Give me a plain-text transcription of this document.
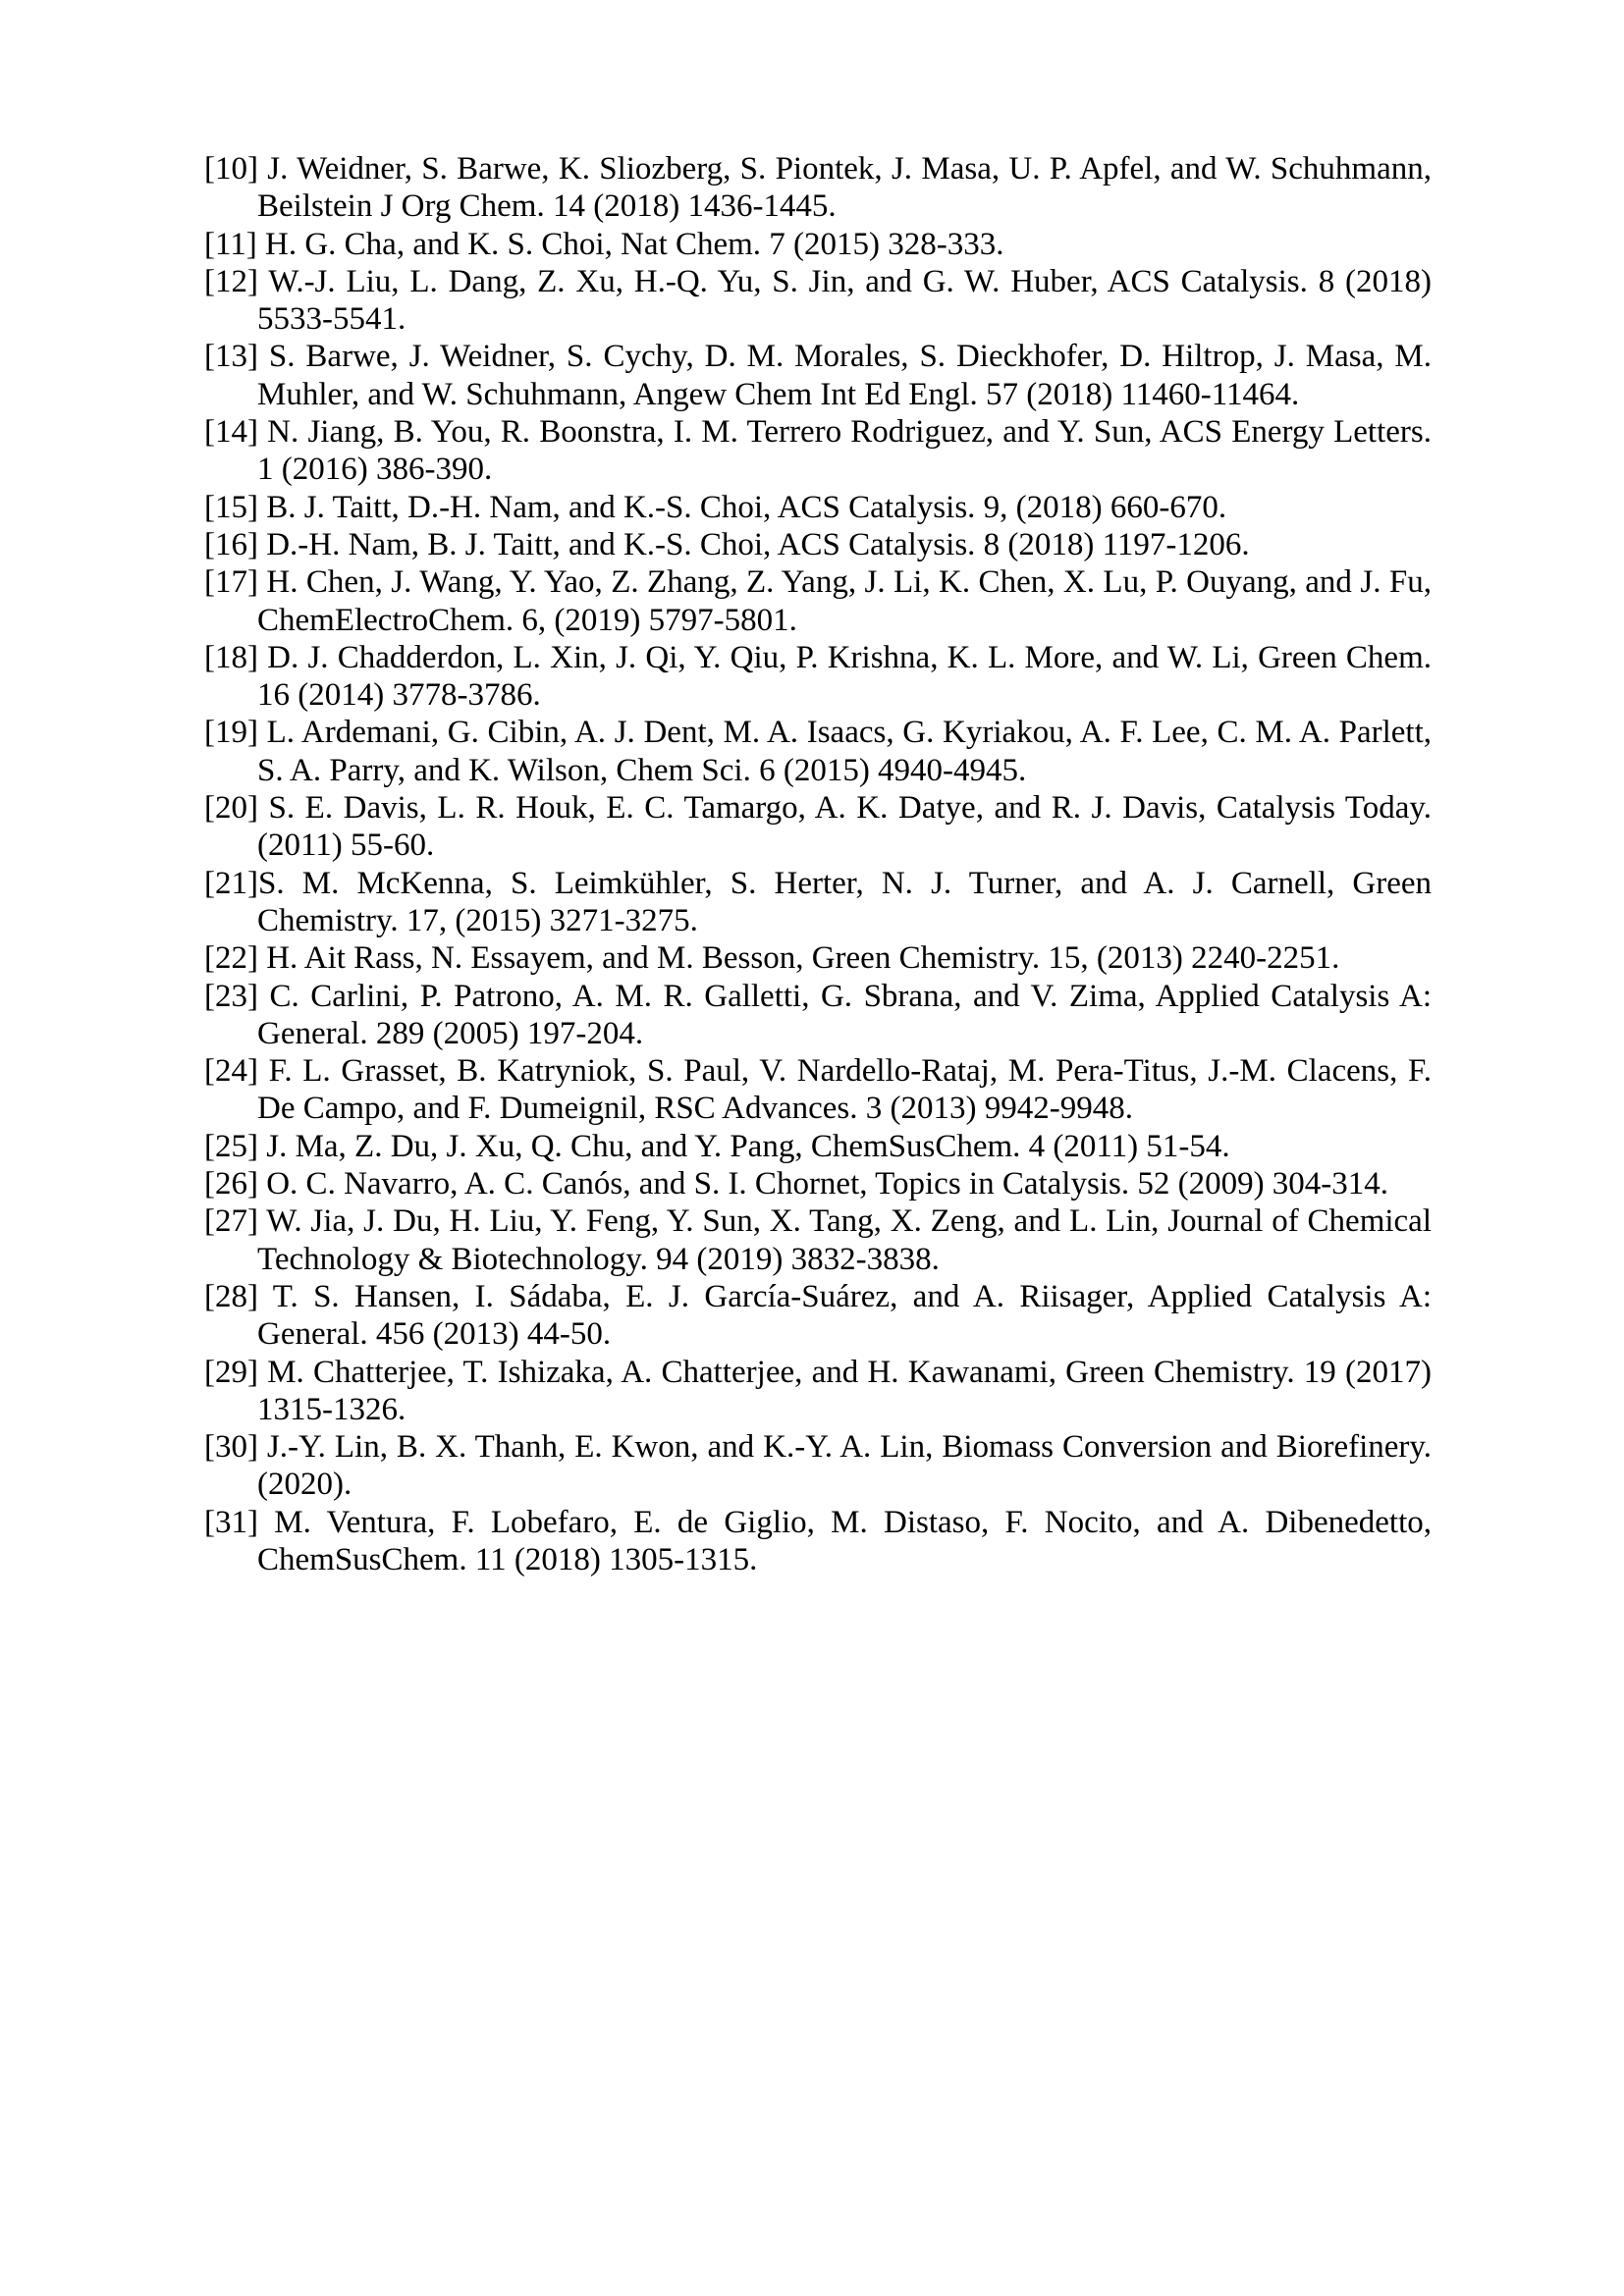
[10] J. Weidner, S. Barwe, K. Sliozberg, S. Piontek, J. Masa, U. P. Apfel, and W. Schuhmann, Beilstein J Org Chem. 14 (2018) 1436-1445.

[11] H. G. Cha, and K. S. Choi, Nat Chem. 7 (2015) 328-333.

[12] W.-J. Liu, L. Dang, Z. Xu, H.-Q. Yu, S. Jin, and G. W. Huber, ACS Catalysis. 8 (2018) 5533-5541.

[13] S. Barwe, J. Weidner, S. Cychy, D. M. Morales, S. Dieckhofer, D. Hiltrop, J. Masa, M. Muhler, and W. Schuhmann, Angew Chem Int Ed Engl. 57 (2018) 11460-11464.

[14] N. Jiang, B. You, R. Boonstra, I. M. Terrero Rodriguez, and Y. Sun, ACS Energy Letters. 1 (2016) 386-390.

[15] B. J. Taitt, D.-H. Nam, and K.-S. Choi, ACS Catalysis. 9, (2018) 660-670.

[16] D.-H. Nam, B. J. Taitt, and K.-S. Choi, ACS Catalysis. 8 (2018) 1197-1206.

[17] H. Chen, J. Wang, Y. Yao, Z. Zhang, Z. Yang, J. Li, K. Chen, X. Lu, P. Ouyang, and J. Fu, ChemElectroChem. 6, (2019) 5797-5801.

[18] D. J. Chadderdon, L. Xin, J. Qi, Y. Qiu, P. Krishna, K. L. More, and W. Li, Green Chem. 16 (2014) 3778-3786.

[19] L. Ardemani, G. Cibin, A. J. Dent, M. A. Isaacs, G. Kyriakou, A. F. Lee, C. M. A. Parlett, S. A. Parry, and K. Wilson, Chem Sci. 6 (2015) 4940-4945.

[20] S. E. Davis, L. R. Houk, E. C. Tamargo, A. K. Datye, and R. J. Davis, Catalysis Today. (2011) 55-60.

[21]S. M. McKenna, S. Leimkühler, S. Herter, N. J. Turner, and A. J. Carnell, Green Chemistry. 17, (2015) 3271-3275.

[22] H. Ait Rass, N. Essayem, and M. Besson, Green Chemistry. 15, (2013) 2240-2251.

[23] C. Carlini, P. Patrono, A. M. R. Galletti, G. Sbrana, and V. Zima, Applied Catalysis A: General. 289 (2005) 197-204.

[24] F. L. Grasset, B. Katryniok, S. Paul, V. Nardello-Rataj, M. Pera-Titus, J.-M. Clacens, F. De Campo, and F. Dumeignil, RSC Advances. 3 (2013) 9942-9948.

[25] J. Ma, Z. Du, J. Xu, Q. Chu, and Y. Pang, ChemSusChem. 4 (2011) 51-54.

[26] O. C. Navarro, A. C. Canós, and S. I. Chornet, Topics in Catalysis. 52 (2009) 304-314.

[27] W. Jia, J. Du, H. Liu, Y. Feng, Y. Sun, X. Tang, X. Zeng, and L. Lin, Journal of Chemical Technology & Biotechnology. 94 (2019) 3832-3838.

[28] T. S. Hansen, I. Sádaba, E. J. García-Suárez, and A. Riisager, Applied Catalysis A: General. 456 (2013) 44-50.

[29] M. Chatterjee, T. Ishizaka, A. Chatterjee, and H. Kawanami, Green Chemistry. 19 (2017) 1315-1326.

[30] J.-Y. Lin, B. X. Thanh, E. Kwon, and K.-Y. A. Lin, Biomass Conversion and Biorefinery. (2020).

[31] M. Ventura, F. Lobefaro, E. de Giglio, M. Distaso, F. Nocito, and A. Dibenedetto, ChemSusChem. 11 (2018) 1305-1315.
